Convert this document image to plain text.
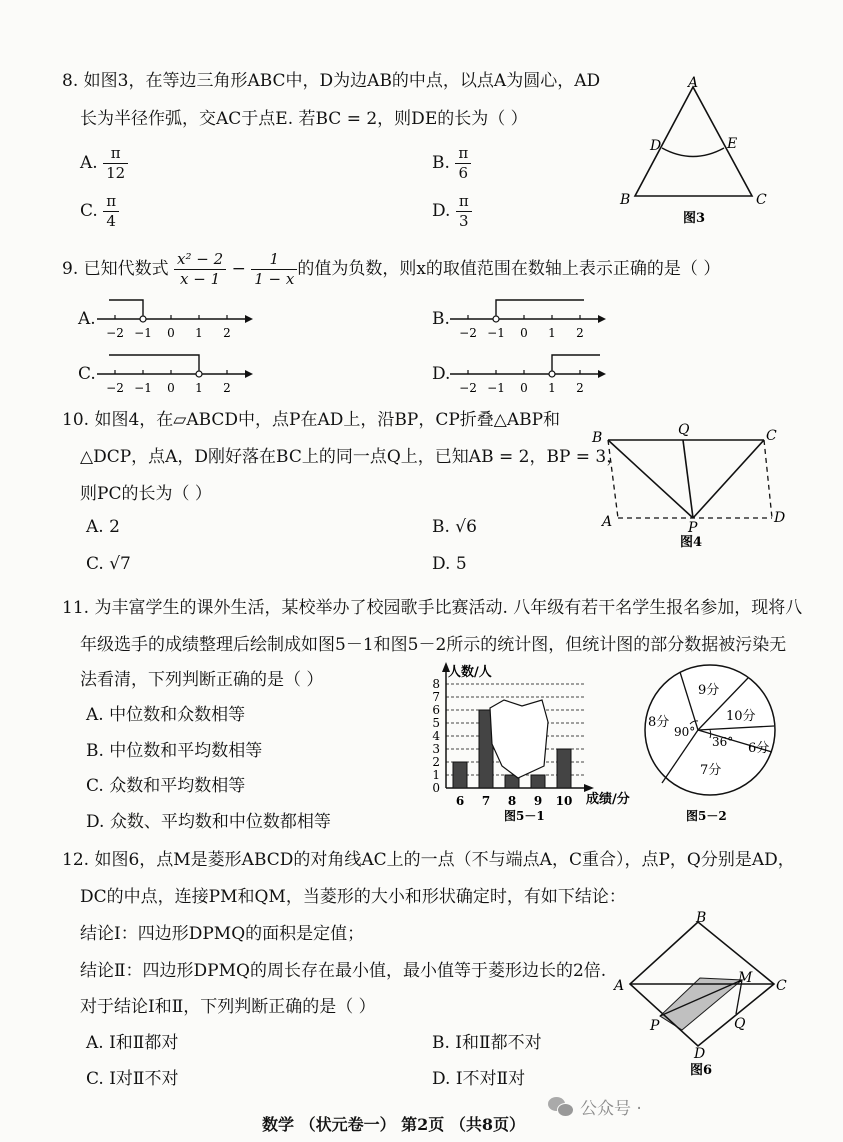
8. 如图3，在等边三角形ABC中，D为边AB的中点，以点A为圆心，AD
长为半径作弧，交AC于点E. 若BC = 2，则DE的长为（ ）
A. $\frac{\pi}{12}$	B. $\frac{\pi}{6}$
C. $\frac{\pi}{4}$	D. $\frac{\pi}{3}$
A
D	E
B	C
图3
9. 已知代数式 $\frac{\text{x² − 2}}{x - 1} - \frac{1}{1 - x}$ 的值为负数，则x的取值范围在数轴上表示正确的是（ ）
A.
−2 −1 0 1 2
B.
−2 −1 0 1 2
C.
−2 −1 0 1 2
D.
−2 −1 0 1 2
10. 如图4，在▱ABCD中，点P在AD上，沿BP，CP折叠△ABP和
△DCP，点A，D刚好落在BC上的同一点Q上，已知AB = 2，BP = 3，
则PC的长为（ ）
A. 2	B. √6
C. √7	D. 5
B	Q	C
A	P
D
图4
11. 为丰富学生的课外生活，某校举办了校园歌手比赛活动. 八年级有若干名学生报名参加，现将八
年级选手的成绩整理后绘制成如图5－1和图5－2所示的统计图，但统计图的部分数据被污染无
法看清，下列判断正确的是（ ）
A. 中位数和众数相等
B. 中位数和平均数相等
C. 众数和平均数相等
D. 众数、平均数和中位数都相等
0
1
2
3
4
5
6
7
8
6 7 8 9 10
人数/人
成绩/分
图5－1
9分
10分
8分
90°
36° 6分
7分
图5－2
12. 如图6，点M是菱形ABCD的对角线AC上的一点（不与端点A，C重合），点P，Q分别是AD，
DC的中点，连接PM和QM，当菱形的大小和形状确定时，有如下结论：
结论Ⅰ：四边形DPMQ的面积是定值；
结论Ⅱ：四边形DPMQ的周长存在最小值，最小值等于菱形边长的2倍.
对于结论Ⅰ和Ⅱ，下列判断正确的是（ ）
A. Ⅰ和Ⅱ都对	B. Ⅰ和Ⅱ都不对
C. Ⅰ对Ⅱ不对	D. Ⅰ不对Ⅱ对
B
A	M C
P	Q
D
图6
数学 （状元卷一） 第2页 （共8页）
公众号 ·
